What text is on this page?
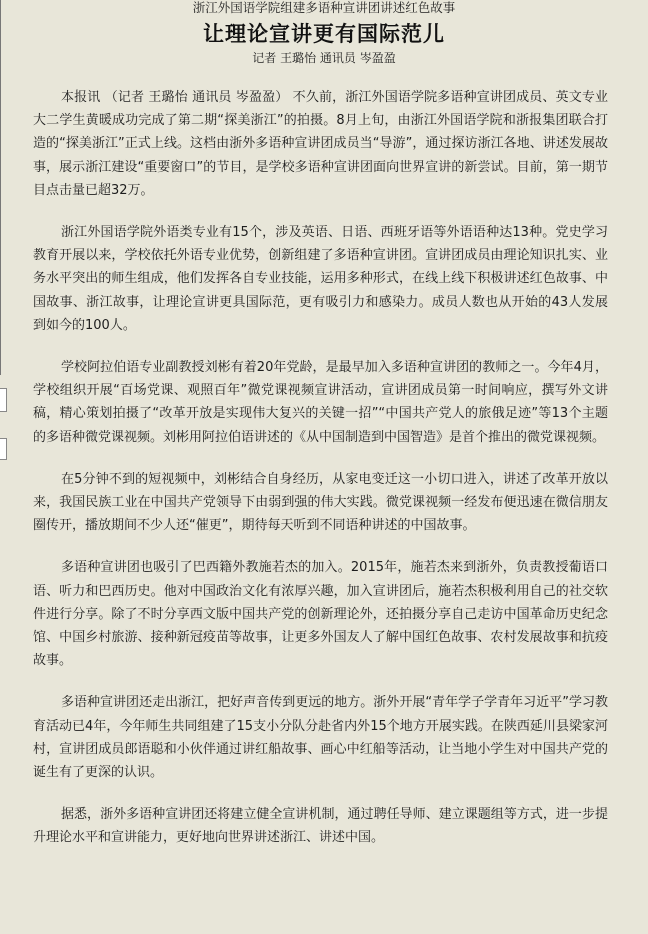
浙江外国语学院组建多语种宣讲团讲述红色故事
让理论宣讲更有国际范儿
记者 王璐怡 通讯员 岑盈盈

本报讯 （记者 王璐怡 通讯员 岑盈盈） 不久前，浙江外国语学院多语种宣讲团成员、英文专业大二学生黄暖成功完成了第二期“探美浙江”的拍摄。8月上旬，由浙江外国语学院和浙报集团联合打造的“探美浙江”正式上线。这档由浙外多语种宣讲团成员当“导游”，通过探访浙江各地、讲述发展故事，展示浙江建设“重要窗口”的节目，是学校多语种宣讲团面向世界宣讲的新尝试。目前，第一期节目点击量已超32万。

浙江外国语学院外语类专业有15个，涉及英语、日语、西班牙语等外语语种达13种。党史学习教育开展以来，学校依托外语专业优势，创新组建了多语种宣讲团。宣讲团成员由理论知识扎实、业务水平突出的师生组成，他们发挥各自专业技能，运用多种形式，在线上线下积极讲述红色故事、中国故事、浙江故事，让理论宣讲更具国际范，更有吸引力和感染力。成员人数也从开始的43人发展到如今的100人。

学校阿拉伯语专业副教授刘彬有着20年党龄，是最早加入多语种宣讲团的教师之一。今年4月，学校组织开展“百场党课、观照百年”微党课视频宣讲活动，宣讲团成员第一时间响应，撰写外文讲稿，精心策划拍摄了“改革开放是实现伟大复兴的关键一招”“中国共产党人的旅俄足迹”等13个主题的多语种微党课视频。刘彬用阿拉伯语讲述的《从中国制造到中国智造》是首个推出的微党课视频。

在5分钟不到的短视频中，刘彬结合自身经历，从家电变迁这一小切口进入，讲述了改革开放以来，我国民族工业在中国共产党领导下由弱到强的伟大实践。微党课视频一经发布便迅速在微信朋友圈传开，播放期间不少人还“催更”，期待每天听到不同语种讲述的中国故事。

多语种宣讲团也吸引了巴西籍外教施若杰的加入。2015年，施若杰来到浙外，负责教授葡语口语、听力和巴西历史。他对中国政治文化有浓厚兴趣，加入宣讲团后，施若杰积极利用自己的社交软件进行分享。除了不时分享西文版中国共产党的创新理论外，还拍摄分享自己走访中国革命历史纪念馆、中国乡村旅游、接种新冠疫苗等故事，让更多外国友人了解中国红色故事、农村发展故事和抗疫故事。

多语种宣讲团还走出浙江，把好声音传到更远的地方。浙外开展“青年学子学青年习近平”学习教育活动已4年，今年师生共同组建了15支小分队分赴省内外15个地方开展实践。在陕西延川县梁家河村，宣讲团成员郎语聪和小伙伴通过讲红船故事、画心中红船等活动，让当地小学生对中国共产党的诞生有了更深的认识。

据悉，浙外多语种宣讲团还将建立健全宣讲机制，通过聘任导师、建立课题组等方式，进一步提升理论水平和宣讲能力，更好地向世界讲述浙江、讲述中国。
